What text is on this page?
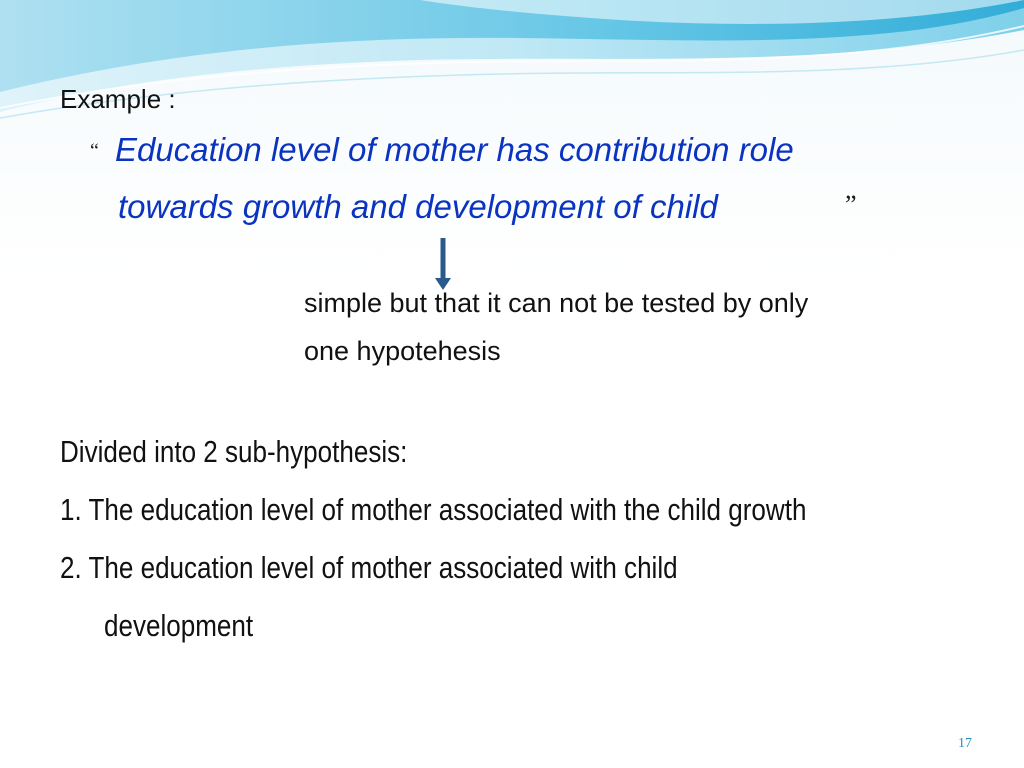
Example :
“ Education level of mother has contribution role
towards growth and development of child	”
simple but that it can not be tested by only
one hypotehesis
Divided into 2 sub-hypothesis:
1. The education level of mother associated with the child growth
2. The education level of mother associated with child
development
17
